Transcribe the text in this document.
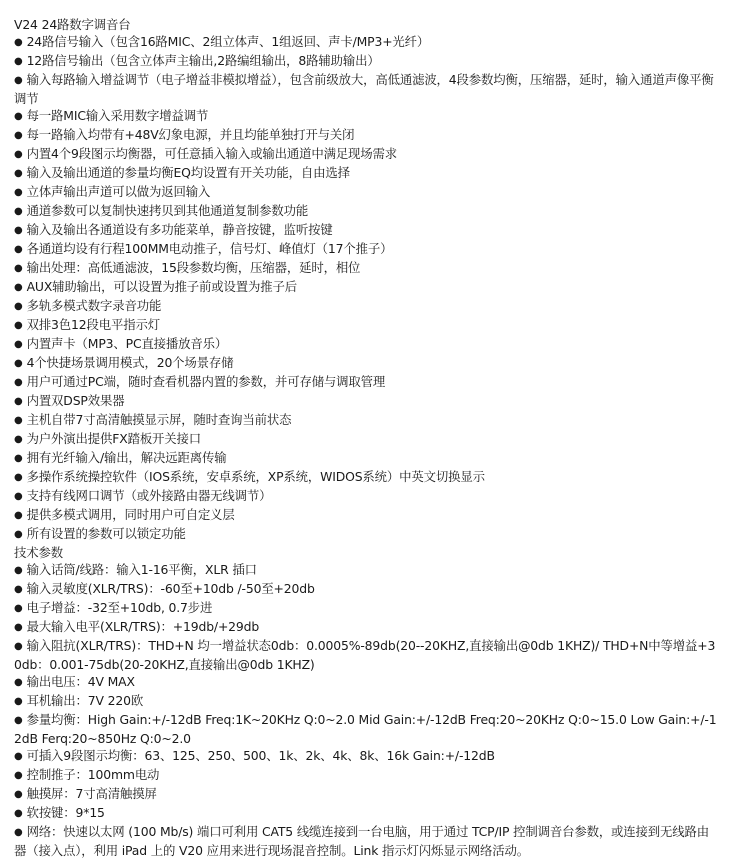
V24 24路数字调音台

● 24路信号输入（包含16路MIC、2组立体声、1组返回、声卡/MP3+光纤）

● 12路信号输出（包含立体声主输出,2路编组输出，8路辅助输出）

● 输入每路输入增益调节（电子增益非模拟增益），包含前级放大，高低通滤波，4段参数均衡，压缩器，延时，输入通道声像平衡调节

● 每一路MIC输入采用数字增益调节

● 每一路输入均带有+48V幻象电源，并且均能单独打开与关闭

● 内置4个9段图示均衡器，可任意插入输入或输出通道中满足现场需求

● 输入及输出通道的参量均衡EQ均设置有开关功能，自由选择

● 立体声输出声道可以做为返回输入

● 通道参数可以复制快速拷贝到其他通道复制参数功能

● 输入及输出各通道设有多功能菜单，静音按键，监听按键

● 各通道均设有行程100MM电动推子，信号灯、峰值灯（17个推子）

● 输出处理：高低通滤波，15段参数均衡，压缩器，延时，相位

● AUX辅助输出，可以设置为推子前或设置为推子后

● 多轨多模式数字录音功能

● 双排3色12段电平指示灯

● 内置声卡（MP3、PC直接播放音乐）

● 4个快捷场景调用模式，20个场景存储

● 用户可通过PC端，随时查看机器内置的参数，并可存储与调取管理

● 内置双DSP效果器

● 主机自带7寸高清触摸显示屏，随时查询当前状态

● 为户外演出提供FX踏板开关接口

● 拥有光纤输入/输出，解决远距离传输

● 多操作系统操控软件（IOS系统，安卓系统，XP系统，WIDOS系统）中英文切换显示

● 支持有线网口调节（或外接路由器无线调节）

● 提供多模式调用，同时用户可自定义层

● 所有设置的参数可以锁定功能

技术参数

● 输入话筒/线路：输入1-16平衡，XLR 插口

● 输入灵敏度(XLR/TRS)：-60至+10db /-50至+20db

● 电子增益：-32至+10db, 0.7步进

● 最大输入电平(XLR/TRS)：+19db/+29db

● 输入阻抗(XLR/TRS)：THD+N 均一增益状态0db：0.0005%-89db(20--20KHZ,直接输出@0db 1KHZ)/ THD+N中等增益+30db：0.001-75db(20-20KHZ,直接输出@0db 1KHZ)

● 输出电压：4V MAX

● 耳机输出：7V 220欧

● 参量均衡：High Gain:+/-12dB Freq:1K~20KHz Q:0~2.0 Mid Gain:+/-12dB Freq:20~20KHz Q:0~15.0 Low Gain:+/-12dB Ferq:20~850Hz Q:0~2.0

● 可插入9段图示均衡：63、125、250、500、1k、2k、4k、8k、16k Gain:+/-12dB

● 控制推子：100mm电动

● 触摸屏：7寸高清触摸屏

● 软按键：9*15

● 网络：快速以太网 (100 Mb/s) 端口可利用 CAT5 线缆连接到一台电脑，用于通过 TCP/IP 控制调音台参数，或连接到无线路由器（接入点），利用 iPad 上的 V20 应用来进行现场混音控制。Link 指示灯闪烁显示网络活动。
